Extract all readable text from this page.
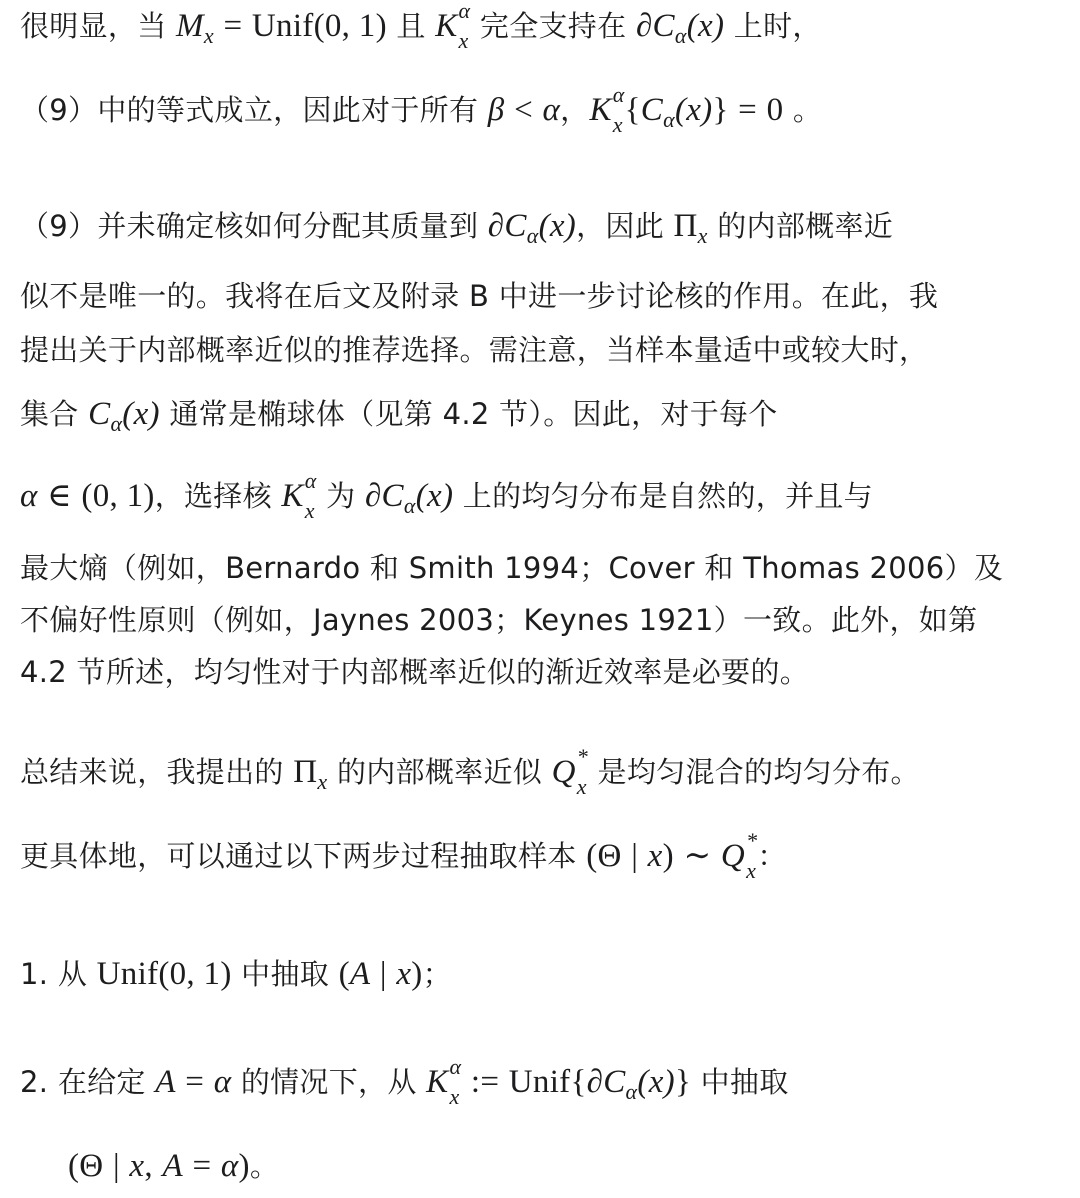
很明显，当 $M_x$ = Unif(0, 1) 且 K α
x 完全支持在 $\partial C_\alpha(x)$ 上时，
（9）中的等式成立，因此对于所有 β < α，K α
x $\{C_\alpha(x)\} = 0$ 。
（9）并未确定核如何分配其质量到 $\partial C_\alpha(x)$，因此 $\Pi_x$ 的内部概率近
似不是唯一的。我将在后文及附录 B 中进一步讨论核的作用。在此，我
提出关于内部概率近似的推荐选择。需注意，当样本量适中或较大时，
集合 $C_\alpha(x)$ 通常是椭球体（见第 4.2 节）。因此，对于每个
α ∈ (0, 1)，选择核 K α
x 为 $\partial C_\alpha(x)$ 上的均匀分布是自然的，并且与
最大熵（例如，Bernardo 和 Smith 1994；Cover 和 Thomas 2006）及
不偏好性原则（例如，Jaynes 2003；Keynes 1921）一致。此外，如第
4.2 节所述，均匀性对于内部概率近似的渐近效率是必要的。
总结来说，我提出的 $\Pi_x$ 的内部概率近似 Q *
x 是均匀混合的均匀分布。
更具体地，可以通过以下两步过程抽取样本 (Θ | x) ∼ Q *
x ：
1. 从 Unif(0, 1) 中抽取 (A | x)；
2. 在给定 A = α 的情况下，从 K α
x := $Unif\{\partial C_\alpha(x)\}$ 中抽取
(Θ | x, A = α)。
